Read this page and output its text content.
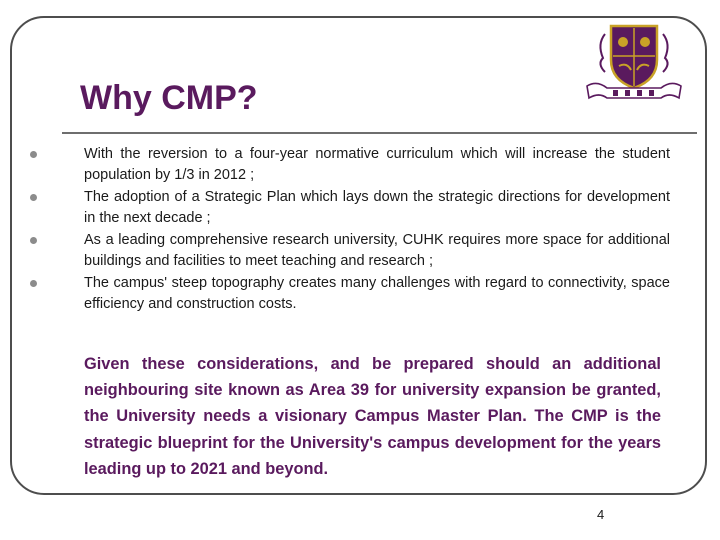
Why CMP?
With the reversion to a four-year normative curriculum which will increase the student population by 1/3 in 2012 ;
The adoption of a Strategic Plan which lays down the strategic directions for development in the next decade ;
As a leading comprehensive research university, CUHK requires more space for additional buildings and facilities to meet teaching and research ;
The campus' steep topography creates many challenges with regard to connectivity, space efficiency and construction costs.

Given these considerations, and be prepared should an additional neighbouring site known as Area 39 for university expansion be granted, the University needs a visionary Campus Master Plan. The CMP is the strategic blueprint for the University's campus development for the years leading up to 2021 and beyond.

4
